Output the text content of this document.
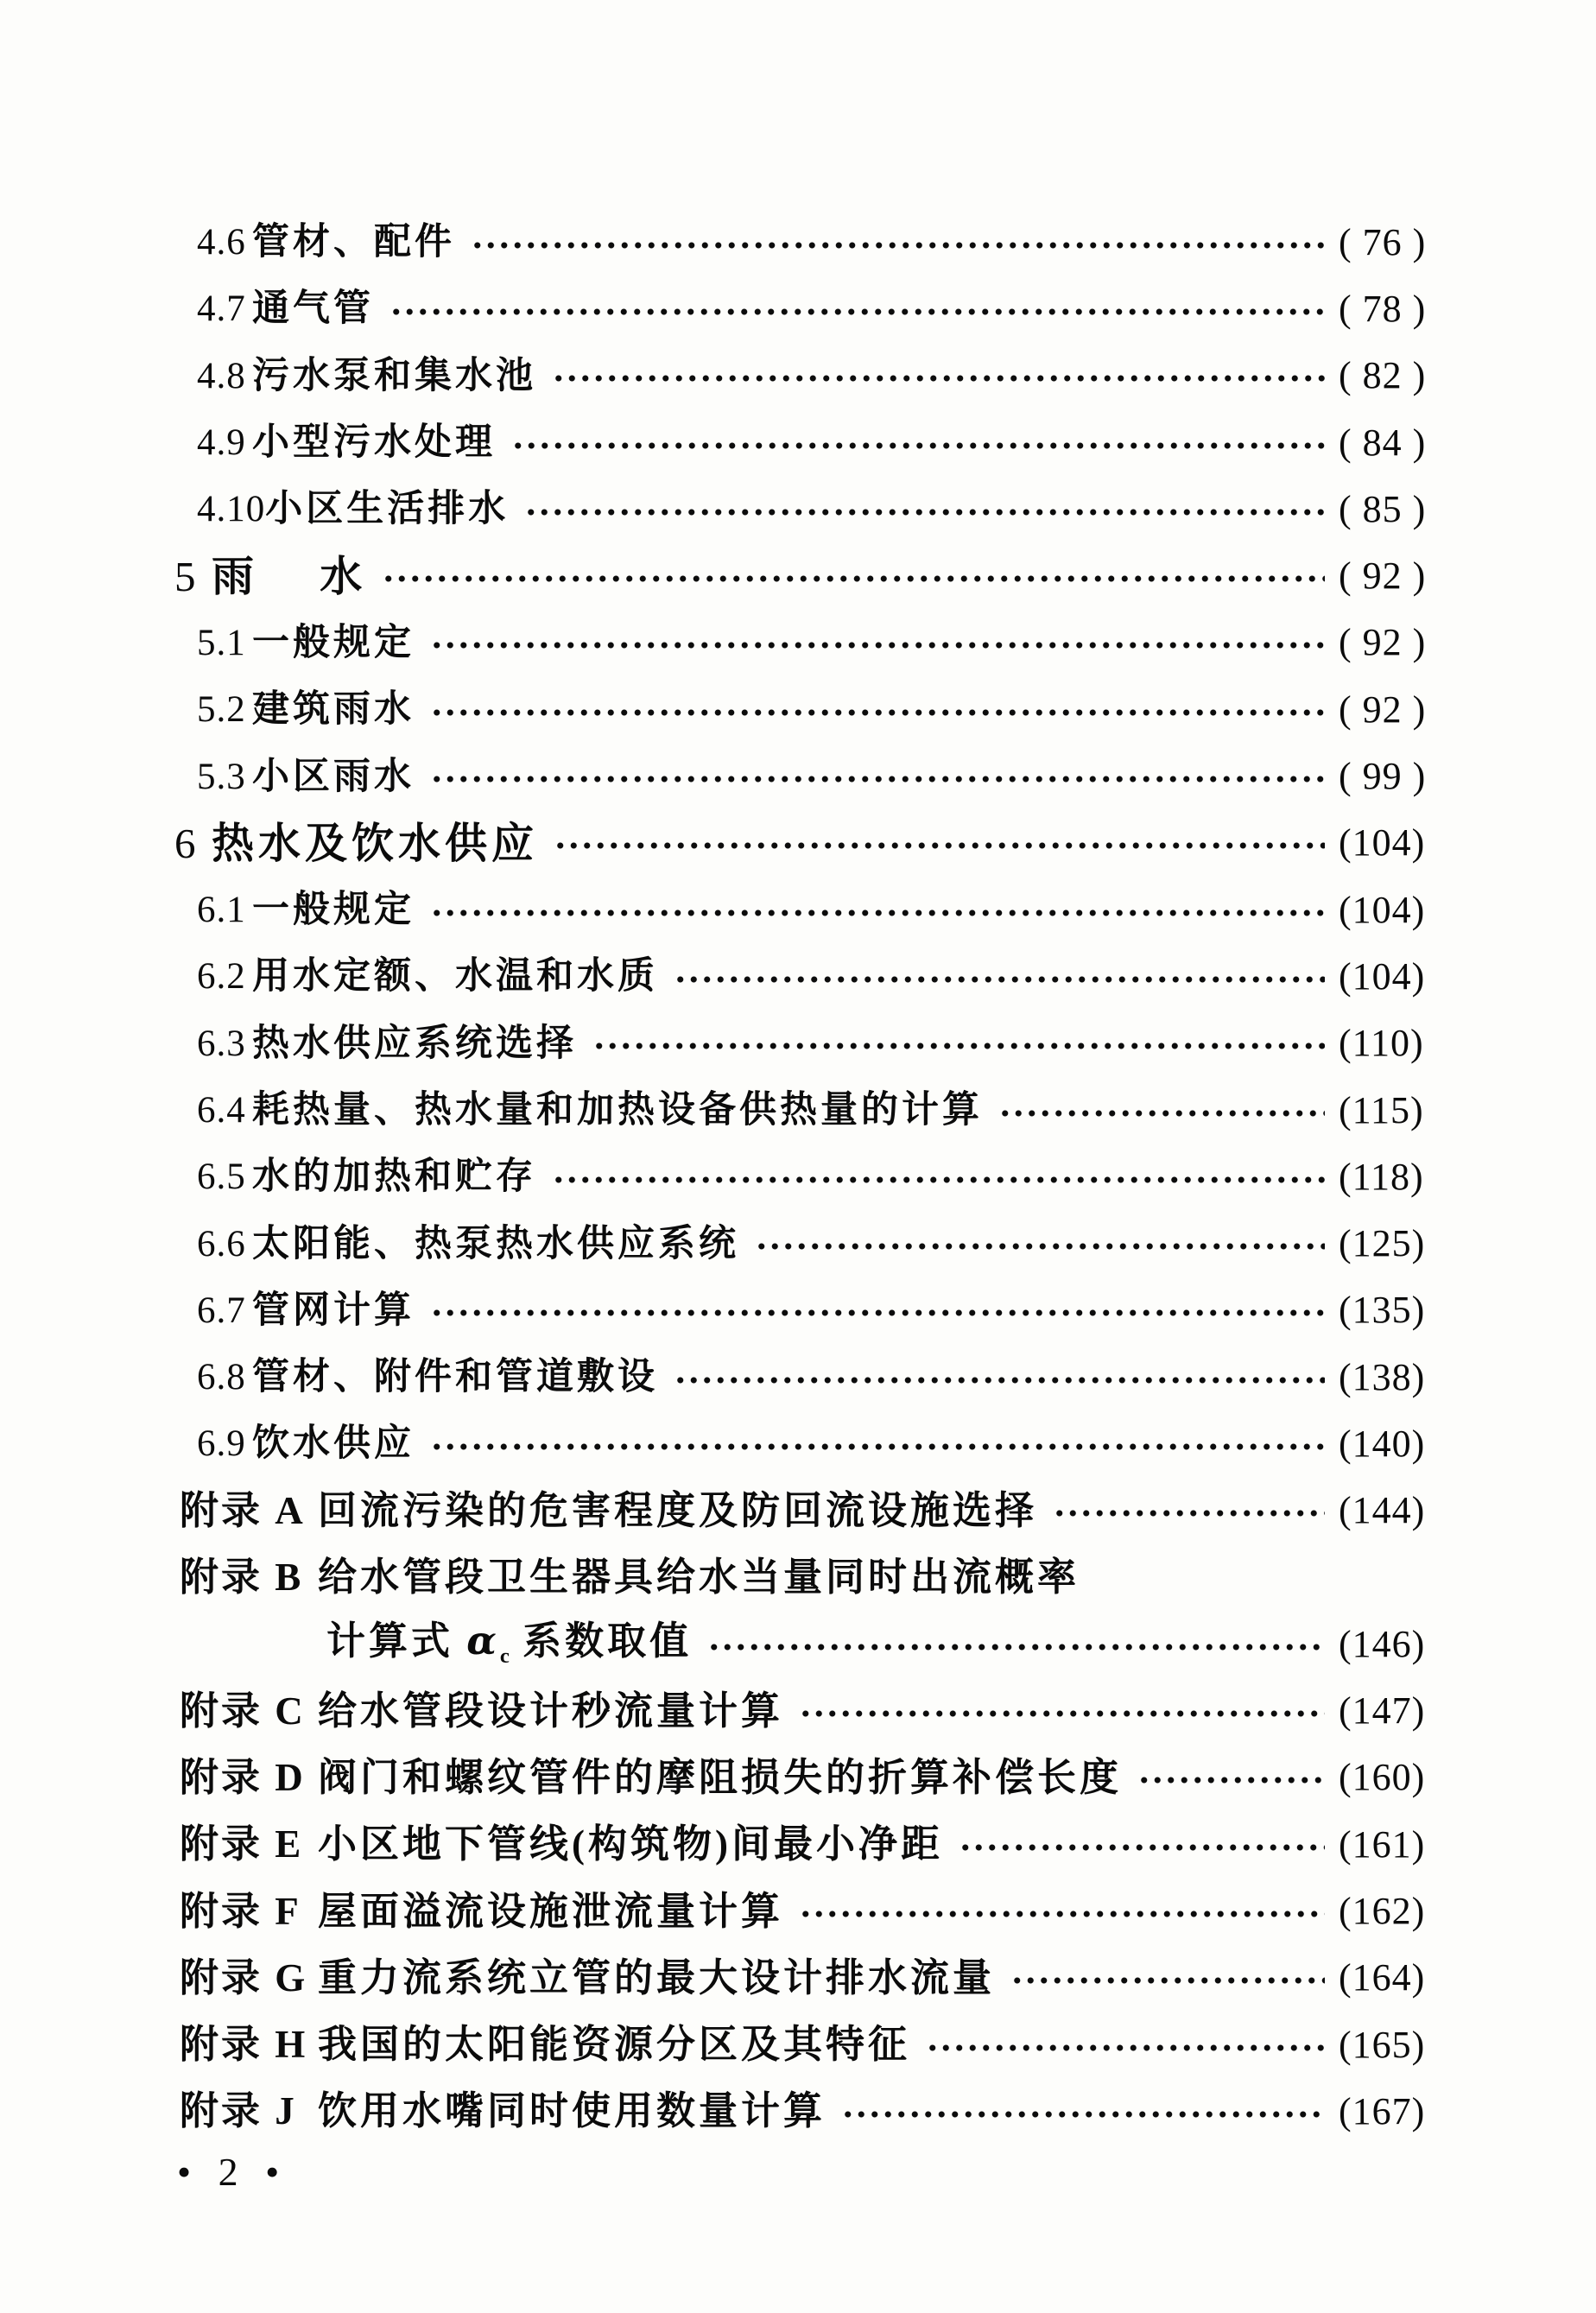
4.6 管材、配件	( 76 )
4.7 通气管	( 78 )
4.8 污水泵和集水池	( 82 )
4.9 小型污水处理	( 84 )
4.10 小区生活排水	( 85 )
5 雨　 水	( 92 )
5.1 一般规定	( 92 )
5.2 建筑雨水	( 92 )
5.3 小区雨水	( 99 )
6 热水及饮水供应	(104)
6.1 一般规定	(104)
6.2 用水定额、水温和水质	(104)
6.3 热水供应系统选择	(110)
6.4 耗热量、热水量和加热设备供热量的计算	(115)
6.5 水的加热和贮存	(118)
6.6 太阳能、热泵热水供应系统	(125)
6.7 管网计算	(135)
6.8 管材、附件和管道敷设	(138)
6.9 饮水供应	(140)
附录 A 回流污染的危害程度及防回流设施选择	(144)
附录 B 给水管段卫生器具给水当量同时出流概率
计算式 $\alpha_c$ 系数取值	(146)
附录 C 给水管段设计秒流量计算	(147)
附录 D 阀门和螺纹管件的摩阻损失的折算补偿长度	(160)
附录 E 小区地下管线(构筑物)间最小净距	(161)
附录 F 屋面溢流设施泄流量计算	(162)
附录 G 重力流系统立管的最大设计排水流量	(164)
附录 H 我国的太阳能资源分区及其特征	(165)
附录 J 饮用水嘴同时使用数量计算	(167)
• 2 •
